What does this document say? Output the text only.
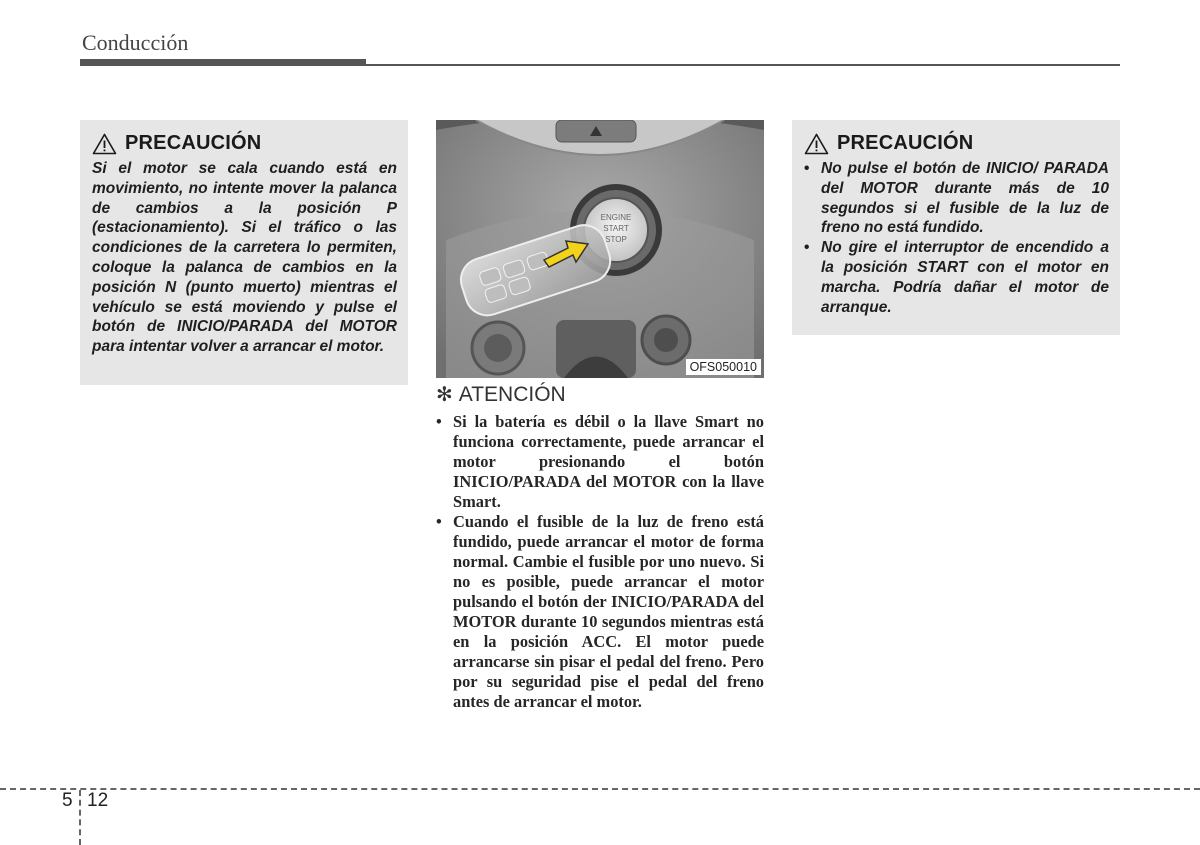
Conducción
PRECAUCIÓN

Si el motor se cala cuando está en movimiento, no intente mover la palanca de cambios a la posición P (estacionamiento). Si el tráfico o las condiciones de la carretera lo permiten, coloque la palanca de cambios en la posición N (punto muerto) mientras el vehículo se está moviendo y pulse el botón de INICIO/PARADA del MOTOR para intentar volver a arrancar el motor.

ENGINE
START
STOP
OFS050010
✻ ATENCIÓN
• Si la batería es débil o la llave Smart no funciona correctamente, puede arrancar el motor presionando el botón INICIO/PARADA del MOTOR con la llave Smart.
• Cuando el fusible de la luz de freno está fundido, puede arrancar el motor de forma normal. Cambie el fusible por uno nuevo. Si no es posible, puede arrancar el motor pulsando el botón der INICIO/PARADA del MOTOR durante 10 segundos mientras está en la posición ACC. El motor puede arrancarse sin pisar el pedal del freno. Pero por su seguridad pise el pedal del freno antes de arrancar el motor.
PRECAUCIÓN
• No pulse el botón de INICIO/ PARADA del MOTOR durante más de 10 segundos si el fusible de la luz de freno no está fundido.
• No gire el interruptor de encendido a la posición START con el motor en marcha. Podría dañar el motor de arranque.
5 12
